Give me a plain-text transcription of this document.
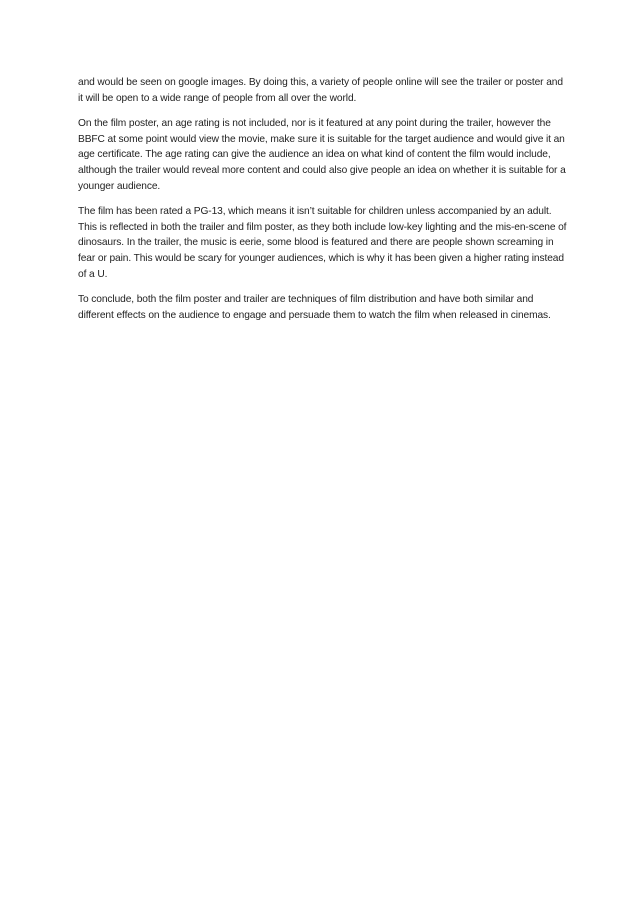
and would be seen on google images. By doing this, a variety of people online will see the trailer or poster and it will be open to a wide range of people from all over the world.

On the film poster, an age rating is not included, nor is it featured at any point during the trailer, however the BBFC at some point would view the movie, make sure it is suitable for the target audience and would give it an age certificate. The age rating can give the audience an idea on what kind of content the film would include, although the trailer would reveal more content and could also give people an idea on whether it is suitable for a younger audience.

The film has been rated a PG-13, which means it isn’t suitable for children unless accompanied by an adult. This is reflected in both the trailer and film poster, as they both include low-key lighting and the mis-en-scene of dinosaurs. In the trailer, the music is eerie, some blood is featured and there are people shown screaming in fear or pain. This would be scary for younger audiences, which is why it has been given a higher rating instead of a U.

To conclude, both the film poster and trailer are techniques of film distribution and have both similar and different effects on the audience to engage and persuade them to watch the film when released in cinemas.
